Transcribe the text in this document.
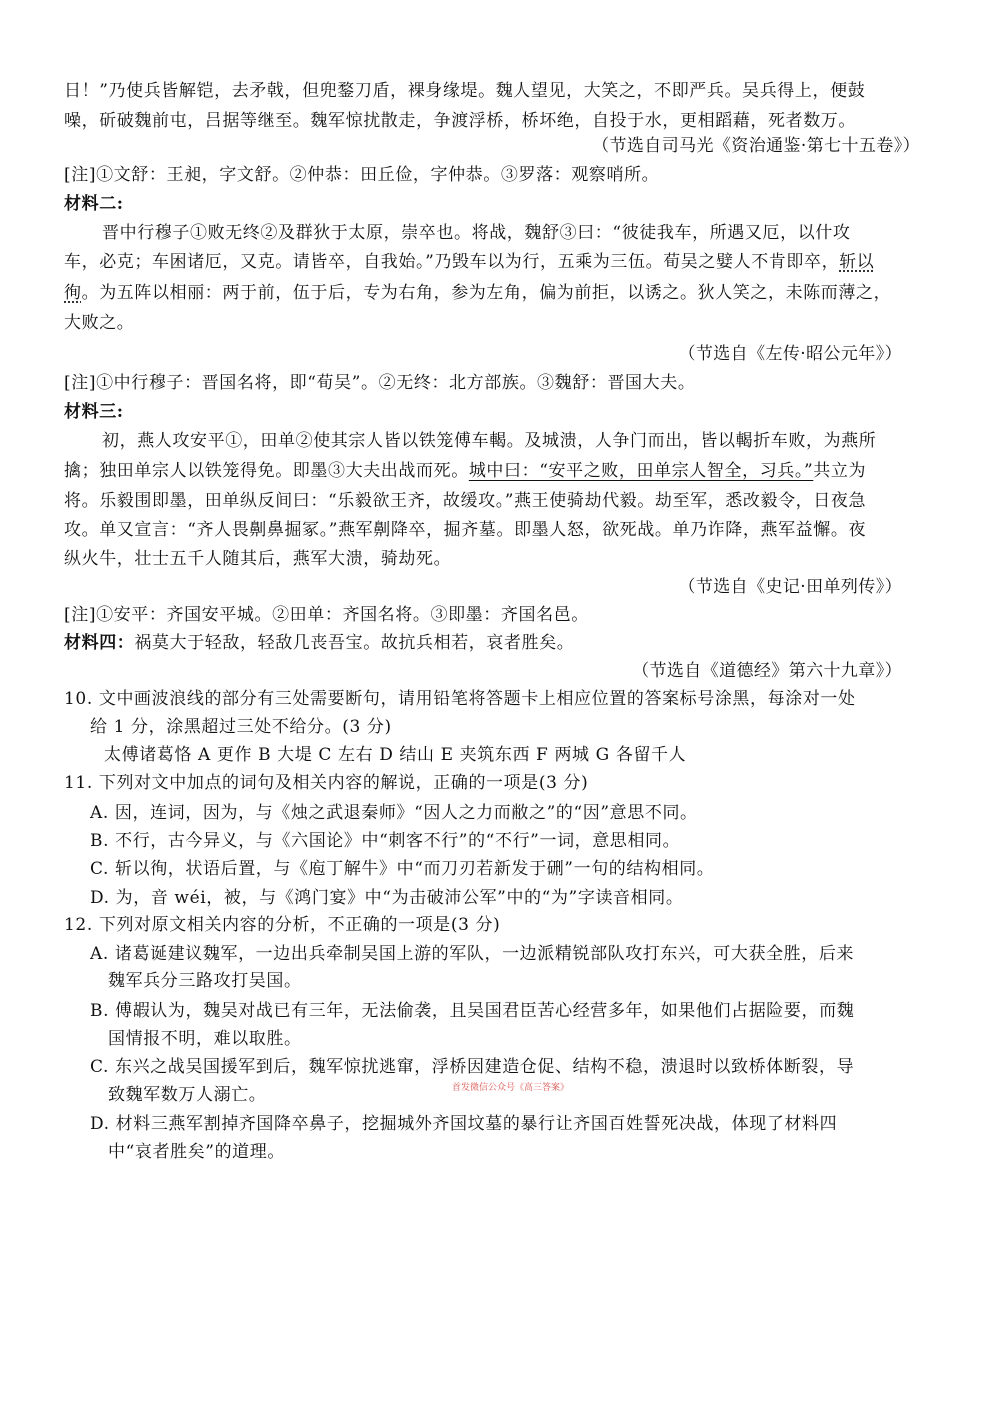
日！”乃使兵皆解铠，去矛戟，但兜鍪刀盾，裸身缘堤。魏人望见，大笑之，不即严兵。吴兵得上，便鼓
噪，斫破魏前屯，吕据等继至。魏军惊扰散走，争渡浮桥，桥坏绝，自投于水，更相蹈藉，死者数万。
（节选自司马光《资治通鉴·第七十五卷》）
[注]①文舒：王昶，字文舒。②仲恭：田丘俭，字仲恭。③罗落：观察哨所。
材料二:
晋中行穆子①败无终②及群狄于太原，崇卒也。将战，魏舒③曰：“彼徒我车，所遇又厄，以什攻
车，必克；车困诸厄，又克。请皆卒，自我始。”乃毁车以为行，五乘为三伍。荀吴之嬖人不肯即卒，斩以
徇。为五阵以相丽：两于前，伍于后，专为右角，参为左角，偏为前拒，以诱之。狄人笑之，未陈而薄之，
大败之。
（节选自《左传·昭公元年》）
[注]①中行穆子：晋国名将，即“荀吴”。②无终：北方部族。③魏舒：晋国大夫。
材料三:
初，燕人攻安平①，田单②使其宗人皆以铁笼傅车輵。及城溃，人争门而出，皆以輵折车败，为燕所
擒；独田单宗人以铁笼得免。即墨③大夫出战而死。城中曰：“安平之败，田单宗人智全，习兵。”共立为
将。乐毅围即墨，田单纵反间曰：“乐毅欲王齐，故缓攻。”燕王使骑劫代毅。劫至军，悉改毅令，日夜急
攻。单又宣言：“齐人畏劓鼻掘冢。”燕军劓降卒，掘齐墓。即墨人怒，欲死战。单乃诈降，燕军益懈。夜
纵火牛，壮士五千人随其后，燕军大溃，骑劫死。
（节选自《史记·田单列传》）
[注]①安平：齐国安平城。②田单：齐国名将。③即墨：齐国名邑。
材料四：祸莫大于轻敌，轻敌几丧吾宝。故抗兵相若，哀者胜矣。
（节选自《道德经》第六十九章》）
10. 文中画波浪线的部分有三处需要断句，请用铅笔将答题卡上相应位置的答案标号涂黑，每涂对一处
给 1 分，涂黑超过三处不给分。(3 分)
太傅诸葛恪 A 更作 B 大堤 C 左右 D 结山 E 夹筑东西 F 两城 G 各留千人
11. 下列对文中加点的词句及相关内容的解说，正确的一项是(3 分)
A. 因，连词，因为，与《烛之武退秦师》“因人之力而敝之”的“因”意思不同。
B. 不行，古今异义，与《六国论》中“刺客不行”的“不行”一词，意思相同。
C. 斩以徇，状语后置，与《庖丁解牛》中“而刀刃若新发于硎”一句的结构相同。
D. 为，音 wéi，被，与《鸿门宴》中“为击破沛公军”中的“为”字读音相同。
12. 下列对原文相关内容的分析，不正确的一项是(3 分)
A. 诸葛诞建议魏军，一边出兵牵制吴国上游的军队，一边派精锐部队攻打东兴，可大获全胜，后来
魏军兵分三路攻打吴国。
B. 傅嘏认为，魏吴对战已有三年，无法偷袭，且吴国君臣苦心经营多年，如果他们占据险要，而魏
国情报不明，难以取胜。
C. 东兴之战吴国援军到后，魏军惊扰逃窜，浮桥因建造仓促、结构不稳，溃退时以致桥体断裂，导
致魏军数万人溺亡。
D. 材料三燕军割掉齐国降卒鼻子，挖掘城外齐国坟墓的暴行让齐国百姓誓死决战，体现了材料四
中“哀者胜矣”的道理。
首发微信公众号《高三答案》
